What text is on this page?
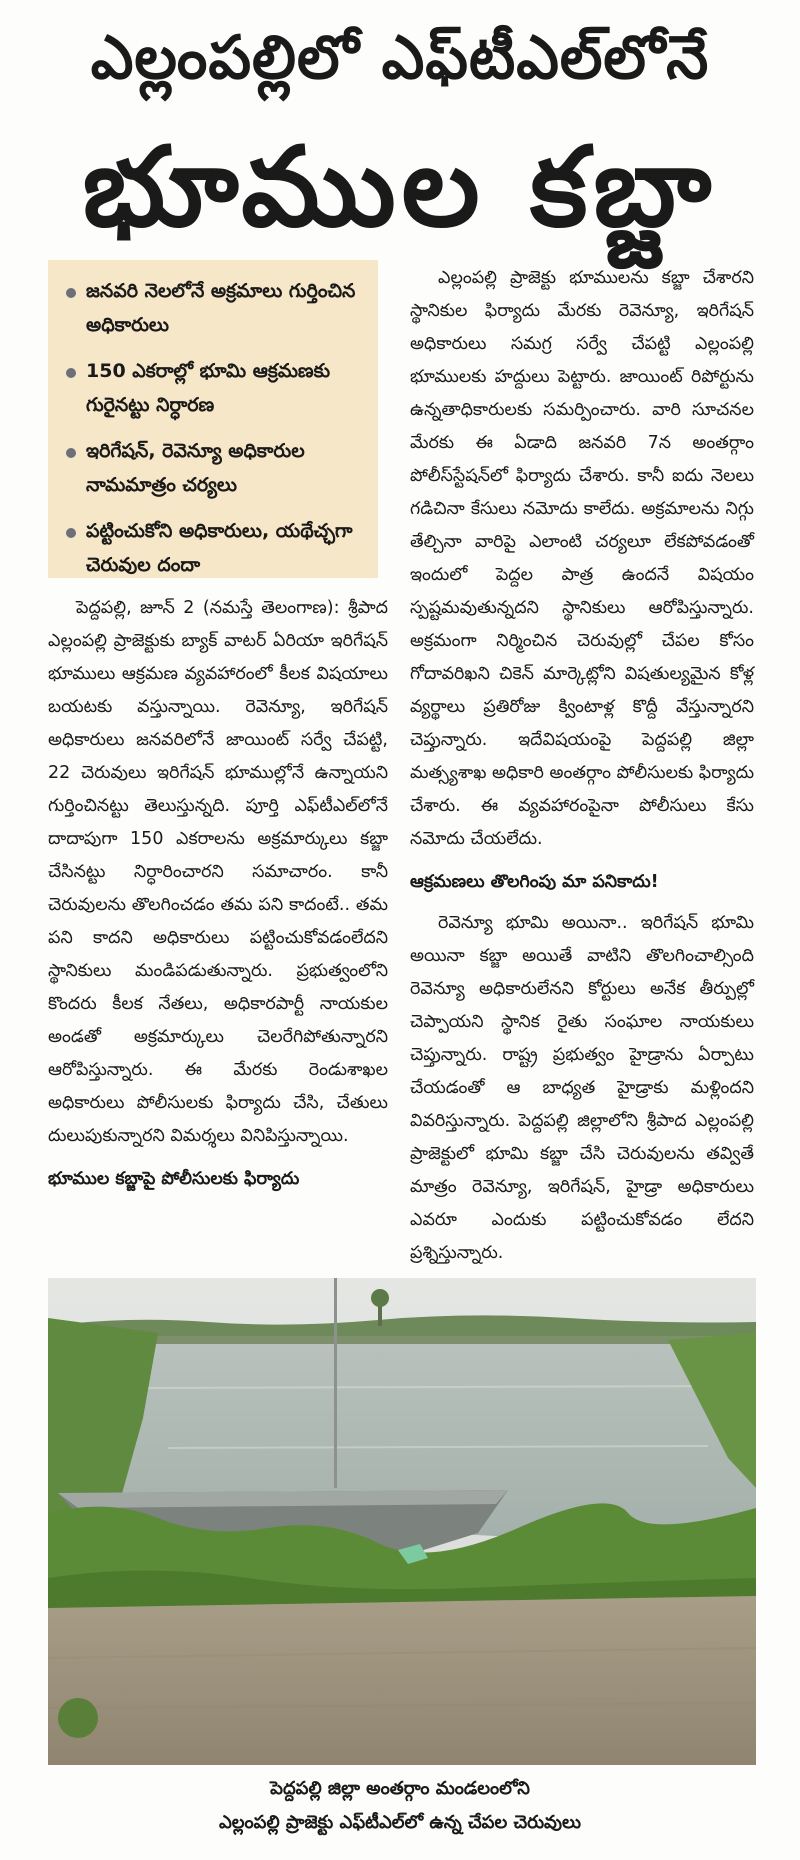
ఎల్లంపల్లిలో ఎఫ్‌టీఎల్‌లోనే
భూముల కబ్జా
జనవరి నెలలోనే అక్రమాలు గుర్తించిన అధికారులు
150 ఎకరాల్లో భూమి ఆక్రమణకు గురైనట్టు నిర్ధారణ
ఇరిగేషన్, రెవెన్యూ అధికారుల నామమాత్రం చర్యలు
పట్టించుకోని అధికారులు, యథేచ్ఛగా చెరువుల దందా

పెద్దపల్లి, జూన్ 2 (నమస్తే తెలంగాణ): శ్రీపాద ఎల్లంపల్లి ప్రాజెక్టుకు బ్యాక్ వాటర్ ఏరియా ఇరిగేషన్ భూములు ఆక్రమణ వ్యవహారంలో కీలక విషయాలు బయటకు వస్తున్నాయి. రెవెన్యూ, ఇరిగేషన్ అధికారులు జనవరిలోనే జాయింట్ సర్వే చేపట్టి, 22 చెరువులు ఇరిగేషన్ భూముల్లోనే ఉన్నాయని గుర్తించినట్టు తెలుస్తున్నది. పూర్తి ఎఫ్‌టీఎల్‌లోనే దాదాపుగా 150 ఎకరాలను అక్రమార్కులు కబ్జా చేసినట్టు నిర్ధారించారని సమాచారం. కానీ చెరువులను తొలగించడం తమ పని కాదంటే.. తమ పని కాదని అధికారులు పట్టించుకోవడంలేదని స్థానికులు మండిపడుతున్నారు. ప్రభుత్వంలోని కొందరు కీలక నేతలు, అధికారపార్టీ నాయకుల అండతో అక్రమార్కులు చెలరేగిపోతున్నారని ఆరోపిస్తున్నారు. ఈ మేరకు రెండుశాఖల అధికారులు పోలీసులకు ఫిర్యాదు చేసి, చేతులు దులుపుకున్నారని విమర్శలు వినిపిస్తున్నాయి.

భూముల కబ్జాపై పోలీసులకు ఫిర్యాదు

ఎల్లంపల్లి ప్రాజెక్టు భూములను కబ్జా చేశారని స్థానికుల ఫిర్యాదు మేరకు రెవెన్యూ, ఇరిగేషన్ అధికారులు సమగ్ర సర్వే చేపట్టి ఎల్లంపల్లి భూములకు హద్దులు పెట్టారు. జాయింట్ రిపోర్టును ఉన్నతాధికారులకు సమర్పించారు. వారి సూచనల మేరకు ఈ ఏడాది జనవరి 7న అంతర్గాం పోలీస్‌స్టేషన్‌లో ఫిర్యాదు చేశారు. కానీ ఐదు నెలలు గడిచినా కేసులు నమోదు కాలేదు. అక్రమాలను నిగ్గు తేల్చినా వారిపై ఎలాంటి చర్యలూ లేకపోవడంతో ఇందులో పెద్దల పాత్ర ఉందనే విషయం స్పష్టమవుతున్నదని స్థానికులు ఆరోపిస్తున్నారు. అక్రమంగా నిర్మించిన చెరువుల్లో చేపల కోసం గోదావరిఖని చికెన్ మార్కెట్లోని విషతుల్యమైన కోళ్ల వ్యర్థాలు ప్రతిరోజు క్వింటాళ్ల కొద్దీ వేస్తున్నారని చెప్తున్నారు. ఇదేవిషయంపై పెద్దపల్లి జిల్లా మత్స్యశాఖ అధికారి అంతర్గాం పోలీసులకు ఫిర్యాదు చేశారు. ఈ వ్యవహారంపైనా పోలీసులు కేసు నమోదు చేయలేదు.

ఆక్రమణలు తొలగింపు మా పనికాదు!

రెవెన్యూ భూమి అయినా.. ఇరిగేషన్ భూమి అయినా కబ్జా అయితే వాటిని తొలగించాల్సింది రెవెన్యూ అధికారులేనని కోర్టులు అనేక తీర్పుల్లో చెప్పాయని స్థానిక రైతు సంఘాల నాయకులు చెప్తున్నారు. రాష్ట్ర ప్రభుత్వం హైడ్రాను ఏర్పాటు చేయడంతో ఆ బాధ్యత హైడ్రాకు మళ్లిందని వివరిస్తున్నారు. పెద్దపల్లి జిల్లాలోని శ్రీపాద ఎల్లంపల్లి ప్రాజెక్టులో భూమి కబ్జా చేసి చెరువులను తవ్వితే మాత్రం రెవెన్యూ, ఇరిగేషన్, హైడ్రా అధికారులు ఎవరూ ఎందుకు పట్టించుకోవడం లేదని ప్రశ్నిస్తున్నారు.

పెద్దపల్లి జిల్లా అంతర్గాం మండలంలోని
ఎల్లంపల్లి ప్రాజెక్టు ఎఫ్‌టీఎల్‌లో ఉన్న చేపల చెరువులు
